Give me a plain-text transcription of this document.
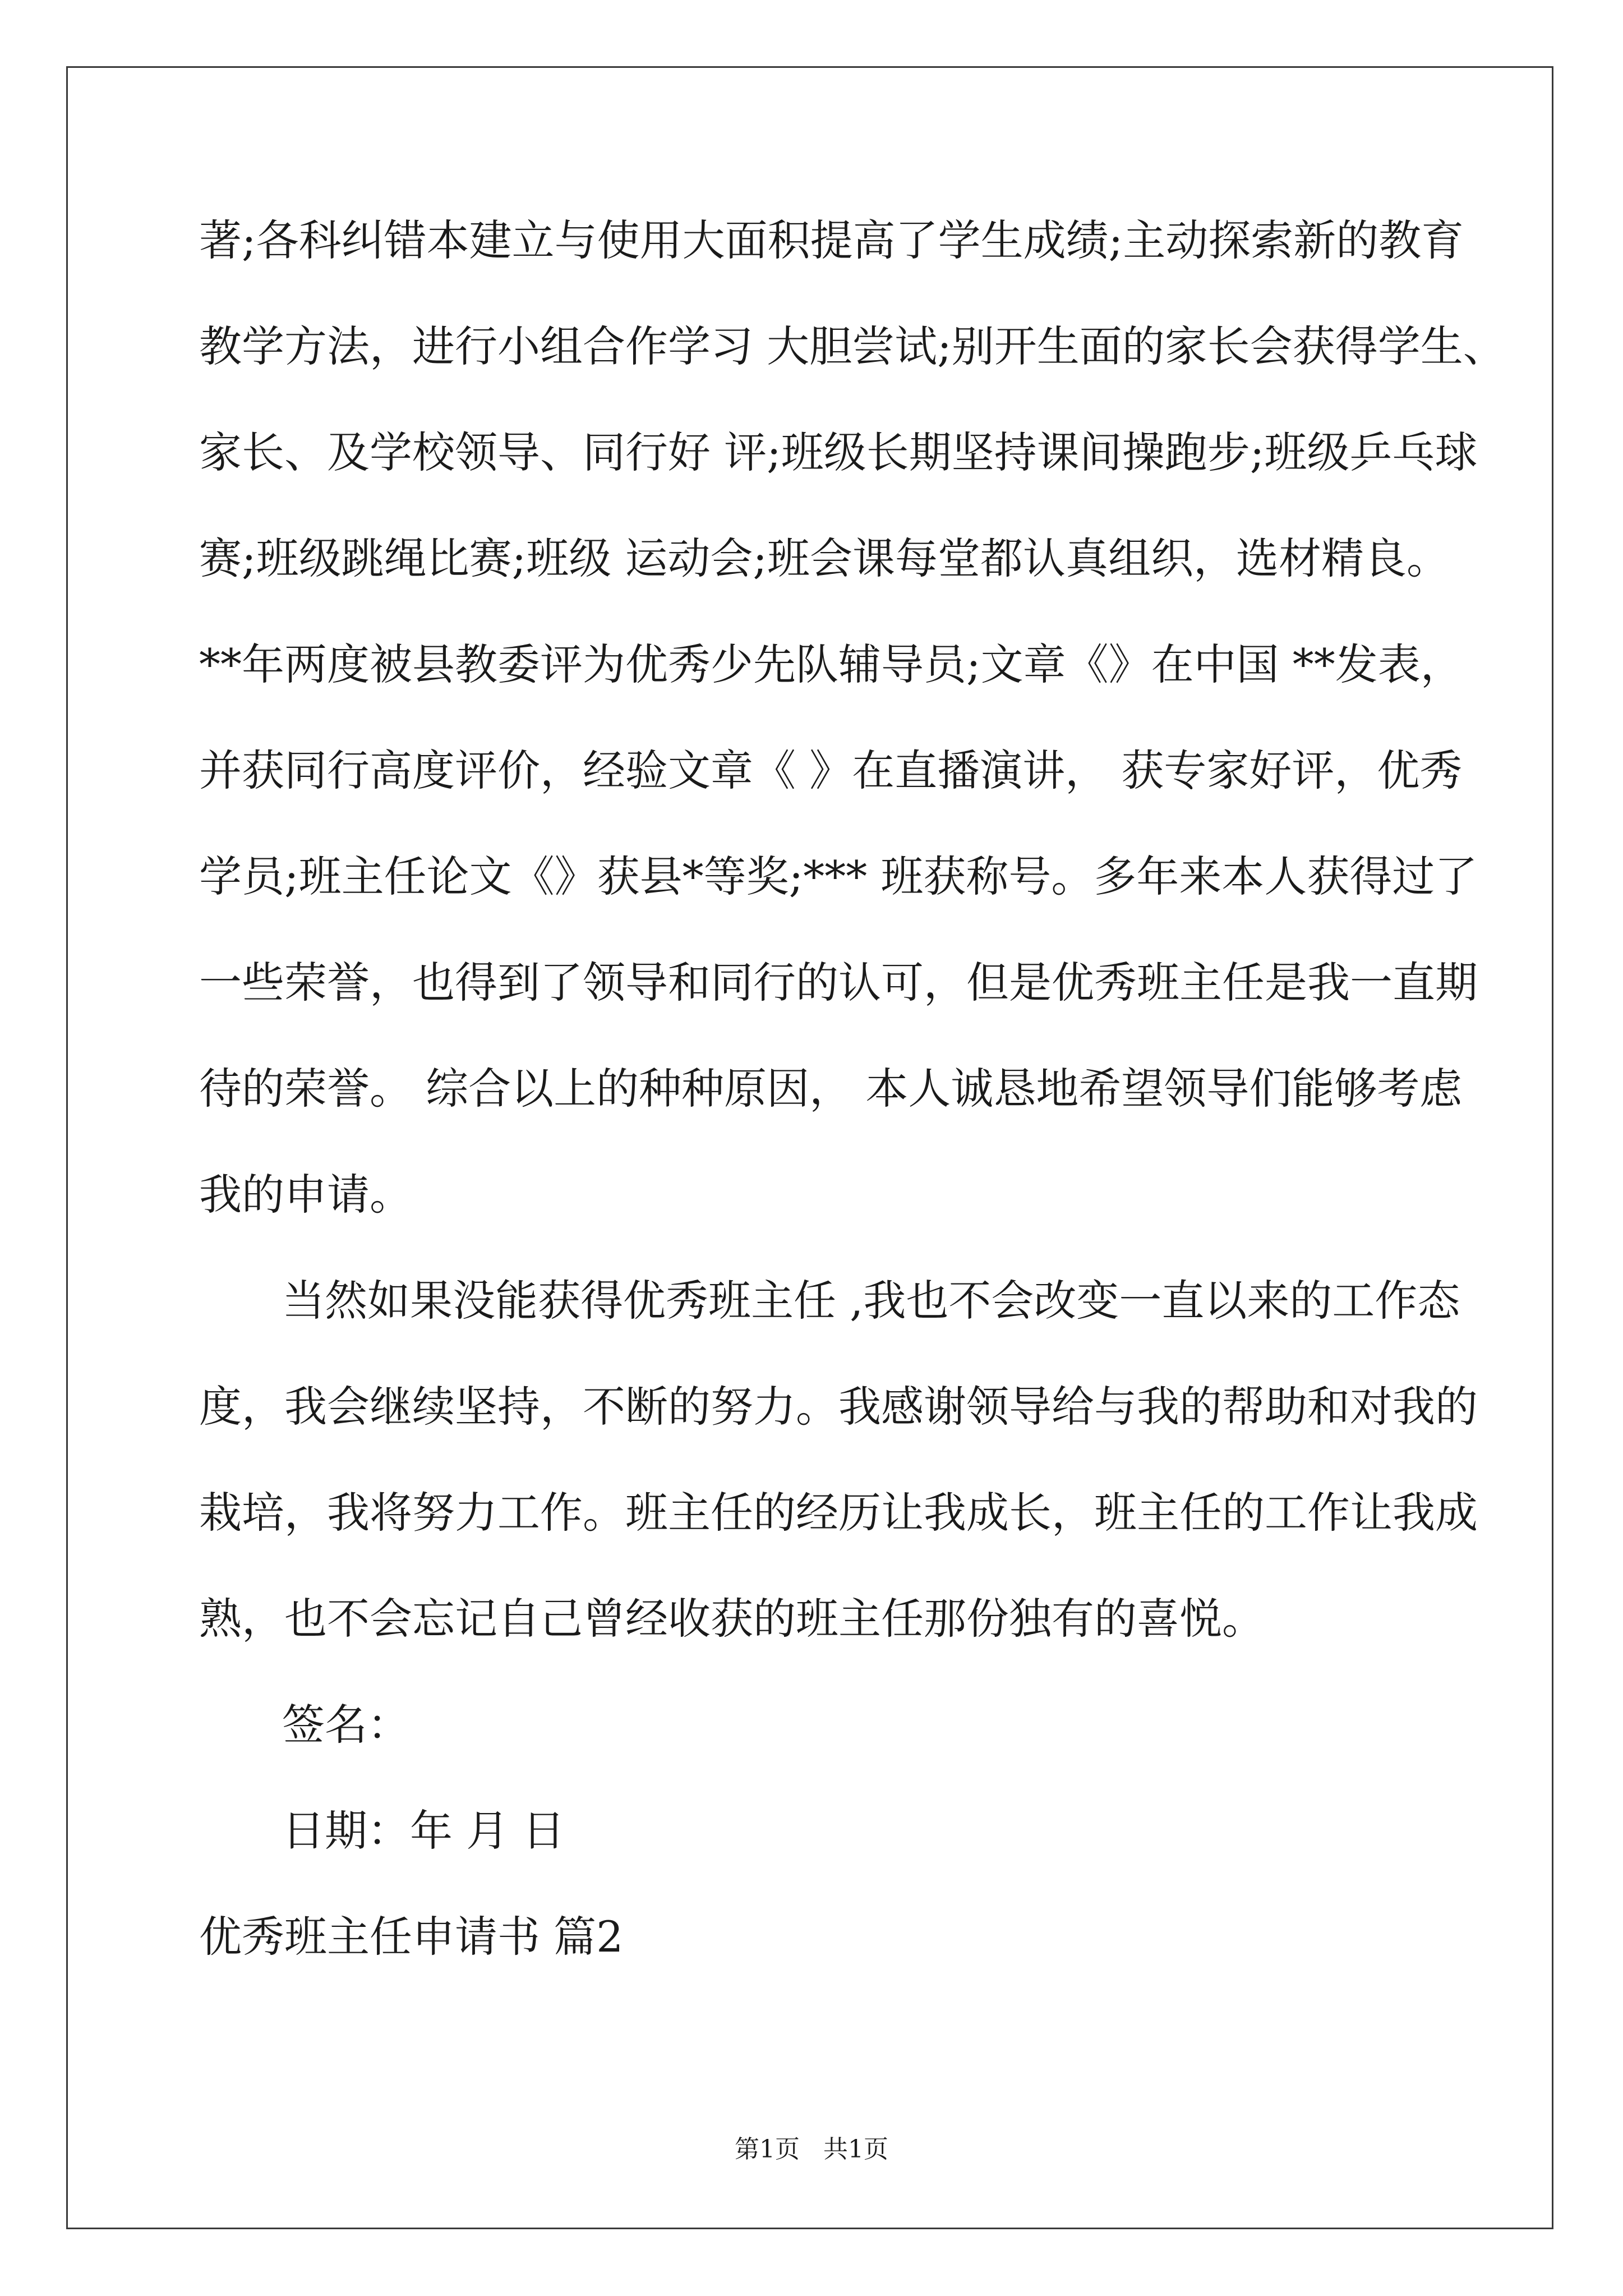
著;各科纠错本建立与使用大面积提高了学生成绩;主动探索新的教育
教学方法，进行小组合作学习 大胆尝试;别开生面的家长会获得学生、
家长、及学校领导、同行好 评;班级长期坚持课间操跑步;班级乒乓球
赛;班级跳绳比赛;班级 运动会;班会课每堂都认真组织，选材精良。
**年两度被县教委评为优秀少先队辅导员;文章《》在中国 **发表，
并获同行高度评价，经验文章《 》在直播演讲， 获专家好评，优秀
学员;班主任论文《》获县*等奖;*** 班获称号。多年来本人获得过了
一些荣誉，也得到了领导和同行的认可，但是优秀班主任是我一直期
待的荣誉。 综合以上的种种原因， 本人诚恳地希望领导们能够考虑
我的申请。
当然如果没能获得优秀班主任 ,我也不会改变一直以来的工作态
度，我会继续坚持，不断的努力。我感谢领导给与我的帮助和对我的
栽培，我将努力工作。班主任的经历让我成长，班主任的工作让我成
熟，也不会忘记自己曾经收获的班主任那份独有的喜悦。
签名：
日期：年 月 日
优秀班主任申请书 篇2
第1页   共1页
